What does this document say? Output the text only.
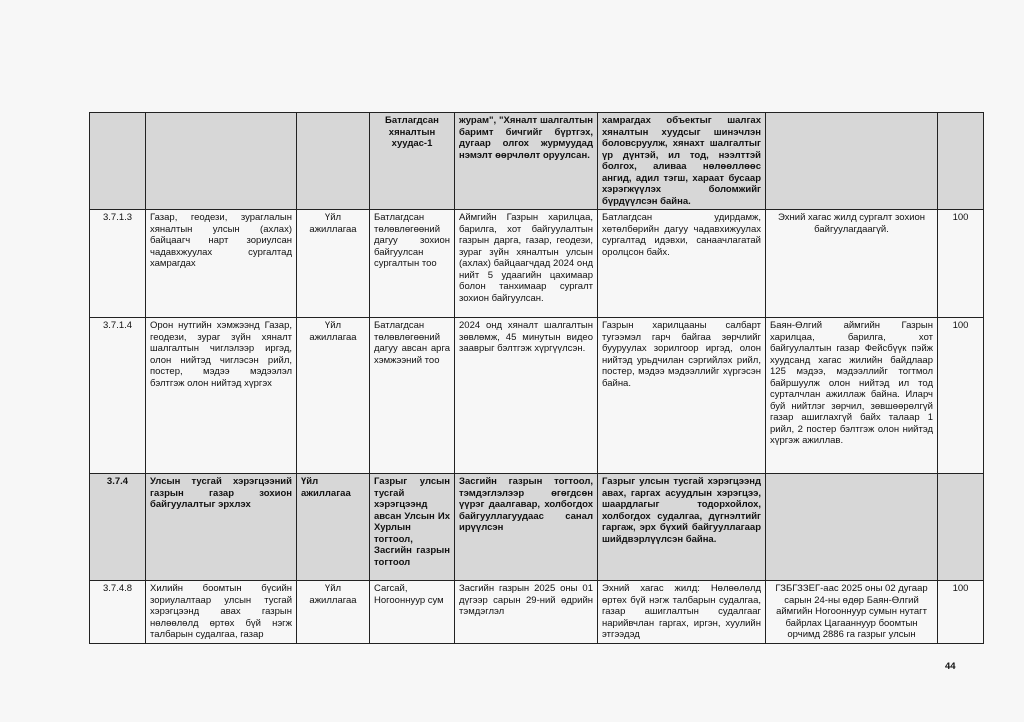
			Батлагдсан хяналтын хуудас-1	журам", "Хяналт шалгалтын баримт бичгийг бүртгэх, дугаар олгох журмуудад нэмэлт өөрчлөлт оруулсан.	хамрагдах объектыг шалгах хяналтын хуудсыг шинэчлэн боловсруулж, хянахт шалгалтыг үр дүнтэй, ил тод, нээлттэй болгох, аливаа нөлөөллөөс ангид, адил тэгш, хараат бусаар хэрэгжүүлэх боломжийг бүрдүүлсэн байна.		
3.7.1.3	Газар, геодези, зураглалын хяналтын улсын (ахлах) байцаагч нарт зориулсан чадавхжуулах сургалтад хамрагдах	Үйл ажиллагаа	Батлагдсан төлөвлөгөөний дагуу зохион байгуулсан сургалтын тоо	Аймгийн Газрын харилцаа, барилга, хот байгуулалтын газрын дарга, газар, геодези, зураг зүйн хяналтын улсын (ахлах) байцаагчдад 2024 онд нийт 5 удаагийн цахимаар болон танхимаар сургалт зохион байгуулсан.	Батлагдсан удирдамж, хөтөлбөрийн дагуу чадавхижуулах сургалтад идэвхи, санаачлагатай оролцсон байх.	Эхний хагас жилд сургалт зохион байгуулагдаагүй.	100
3.7.1.4	Орон нутгийн хэмжээнд Газар, геодези, зураг зүйн хяналт шалгалтын чиглэлээр иргэд, олон нийтэд чиглэсэн рийл, постер, мэдээ мэдээлэл бэлтгэж олон нийтэд хүргэх	Үйл ажиллагаа	Батлагдсан төлөвлөгөөний дагуу авсан арга хэмжээний тоо	2024 онд хяналт шалгалтын зөвлөмж, 45 минутын видео зааврыг бэлтгэж хүргүүлсэн.	Газрын харилцааны салбарт тугээмэл гарч байгаа зөрчлийг бууруулах зорилгоор иргэд, олон нийтэд урьдчилан сэргийлэх рийл, постер, мэдээ мэдээллийг хүргэсэн байна.	Баян-Өлгий аймгийн Газрын харилцаа, барилга, хот байгуулалтын газар Фейсбүүк пэйж хуудсанд хагас жилийн байдлаар 125 мэдээ, мэдээллийг тогтмол байршуулж олон нийтэд ил тод сурталчлан ажиллаж байна. Иларч буй нийтлэг зөрчил, зөвшөөрөлгүй газар ашиглахгүй байх талаар 1 рийл, 2 постер бэлтгэж олон нийтэд хүргэж ажиллав.	100
3.7.4	Улсын тусгай хэрэгцээний газрын газар зохион байгуулалтыг эрхлэх	Үйл ажиллагаа	Газрыг улсын тусгай хэрэгцээнд авсан Улсын Их Хурлын тогтоол, Засгийн газрын тогтоол	Засгийн газрын тогтоол, тэмдэглэлээр өгөгдсөн үүрэг даалгавар, холбогдох байгууллагуудаас санал ирүүлсэн	Газрыг улсын тусгай хэрэгцээнд авах, гаргах асуудлын хэрэгцээ, шаардлагыг тодорхойлох, холбогдох судалгаа, дүгнэлтийг гаргаж, эрх бүхий байгууллагаар шийдвэрлүүлсэн байна.		
3.7.4.8	Хилийн боомтын бүсийн зориулалтаар улсын тусгай хэрэгцээнд авах газрын нөлөөлөлд өртөх бүй нэгж талбарын судалгаа, газар	Үйл ажиллагаа	Сагсай, Ногооннуур сум	Засгийн газрын 2025 оны 01 дүгээр сарын 29-ний өдрийн тэмдэглэл	Эхний хагас жилд: Нөлөөлөлд өртөх бүй нэгж талбарын судалгаа, газар ашиглалтын судалгааг нарийвчлан гаргах, иргэн, хуулийн этгээдэд	ГЗБГЗЗЕГ-аас 2025 оны 02 дугаар сарын 24-ны өдөр Баян-Өлгий аймгийн Ногооннуур сумын нутагт байрлах Цагааннуур боомтын орчимд 2886 га газрыг улсын	100
44
